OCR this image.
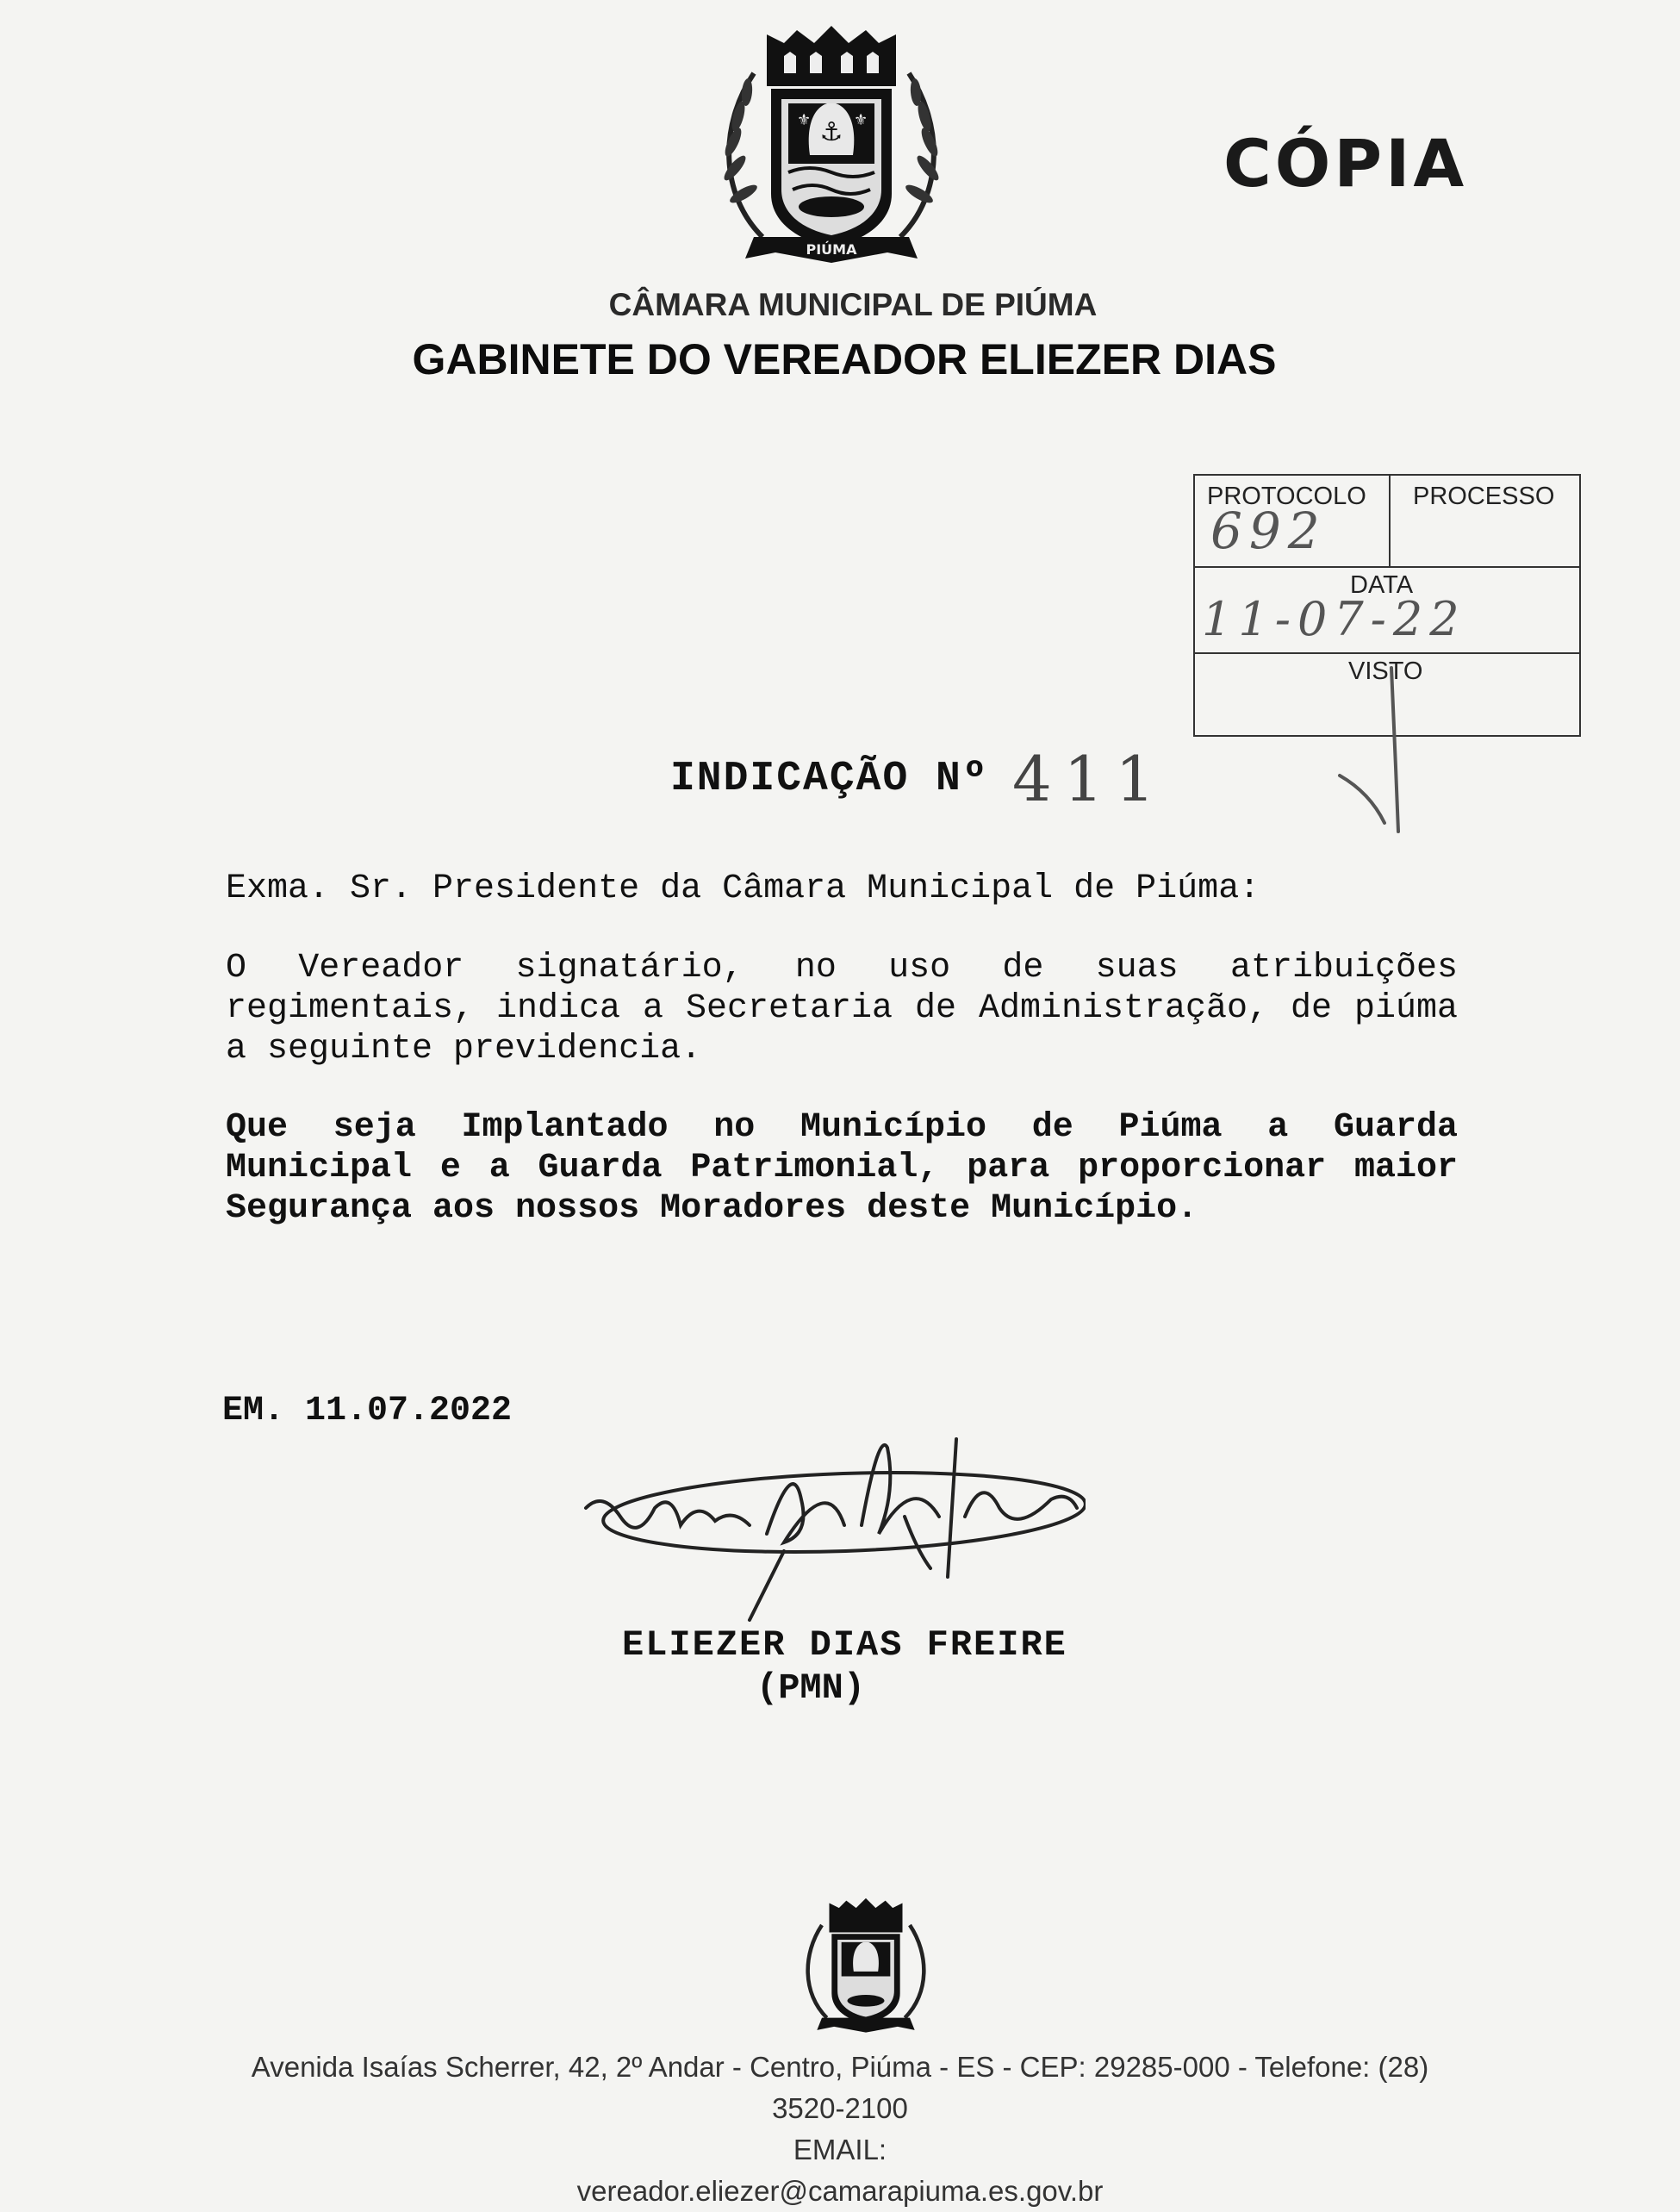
⚓
⚜	⚜
PIÚMA
CÓPIA
CÂMARA MUNICIPAL DE PIÚMA
GABINETE DO VEREADOR ELIEZER DIAS
PROTOCOLO
692
PROCESSO
DATA
11-07-22
VISTO
INDICAÇÃO Nº 411
Exma. Sr. Presidente da Câmara Municipal de Piúma:
O Vereador signatário, no uso de suas atribuições regimentais, indica a Secretaria de Administração, de piúma a seguinte previdencia.
Que seja Implantado no Município de Piúma a Guarda Municipal e a Guarda Patrimonial, para proporcionar maior Segurança aos nossos Moradores deste Município.
EM. 11.07.2022
ELIEZER DIAS FREIRE
(PMN)
Avenida Isaías Scherrer, 42, 2º Andar - Centro, Piúma - ES - CEP: 29285-000 - Telefone: (28)
3520-2100
EMAIL:
vereador.eliezer@camarapiuma.es.gov.br
